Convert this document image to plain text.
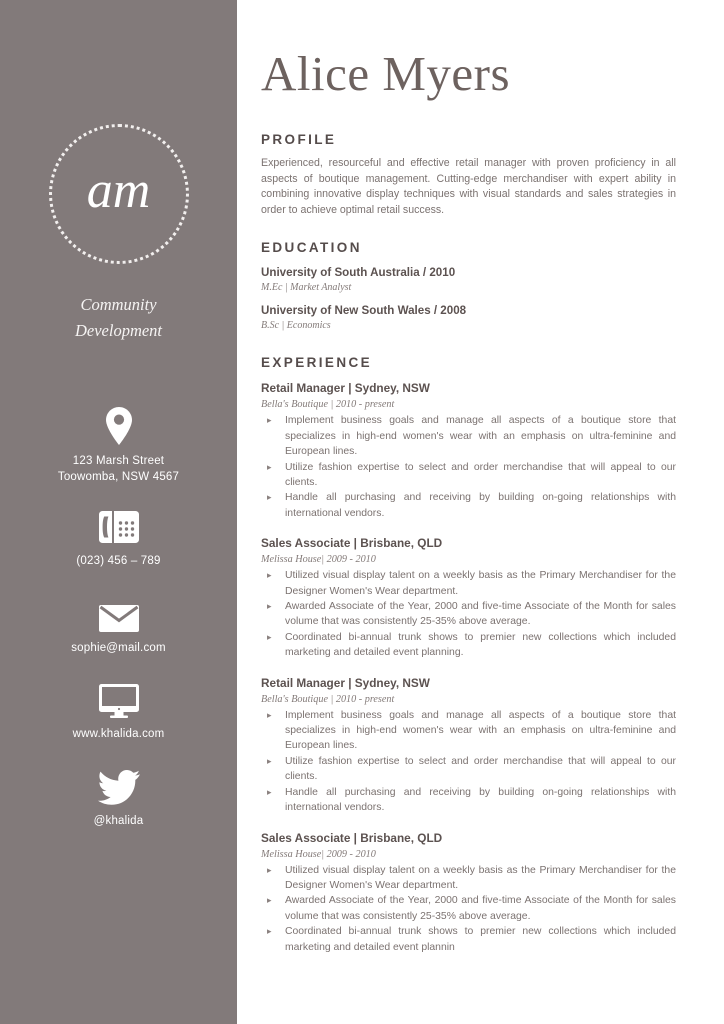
am
Community
Development
123 Marsh Street
Toowomba, NSW 4567
(023) 456 – 789
sophie@mail.com
www.khalida.com
@khalida
Alice Myers
PROFILE

Experienced, resourceful and effective retail manager with proven proficiency in all aspects of boutique management. Cutting-edge merchandiser with expert ability in combining innovative display techniques with visual standards and sales strategies in order to achieve optimal retail success.

EDUCATION
University of South Australia / 2010
M.Ec | Market Analyst
University of New South Wales / 2008
B.Sc | Economics
EXPERIENCE
Retail Manager | Sydney, NSW
Bella's Boutique | 2010 - present
▸ Implement business goals and manage all aspects of a boutique store that specializes in high-end women's wear with an emphasis on ultra-feminine and European lines.
▸ Utilize fashion expertise to select and order merchandise that will appeal to our clients.
▸ Handle all purchasing and receiving by building on-going relationships with international vendors.
Sales Associate | Brisbane, QLD
Melissa House| 2009 - 2010
▸ Utilized visual display talent on a weekly basis as the Primary Merchandiser for the Designer Women's Wear department.
▸ Awarded Associate of the Year, 2000 and five-time Associate of the Month for sales volume that was consistently 25-35% above average.
▸ Coordinated bi-annual trunk shows to premier new collections which included marketing and detailed event planning.
Retail Manager | Sydney, NSW
Bella's Boutique | 2010 - present
▸ Implement business goals and manage all aspects of a boutique store that specializes in high-end women's wear with an emphasis on ultra-feminine and European lines.
▸ Utilize fashion expertise to select and order merchandise that will appeal to our clients.
▸ Handle all purchasing and receiving by building on-going relationships with international vendors.
Sales Associate | Brisbane, QLD
Melissa House| 2009 - 2010
▸ Utilized visual display talent on a weekly basis as the Primary Merchandiser for the Designer Women's Wear department.
▸ Awarded Associate of the Year, 2000 and five-time Associate of the Month for sales volume that was consistently 25-35% above average.
▸ Coordinated bi-annual trunk shows to premier new collections which included marketing and detailed event plannin
